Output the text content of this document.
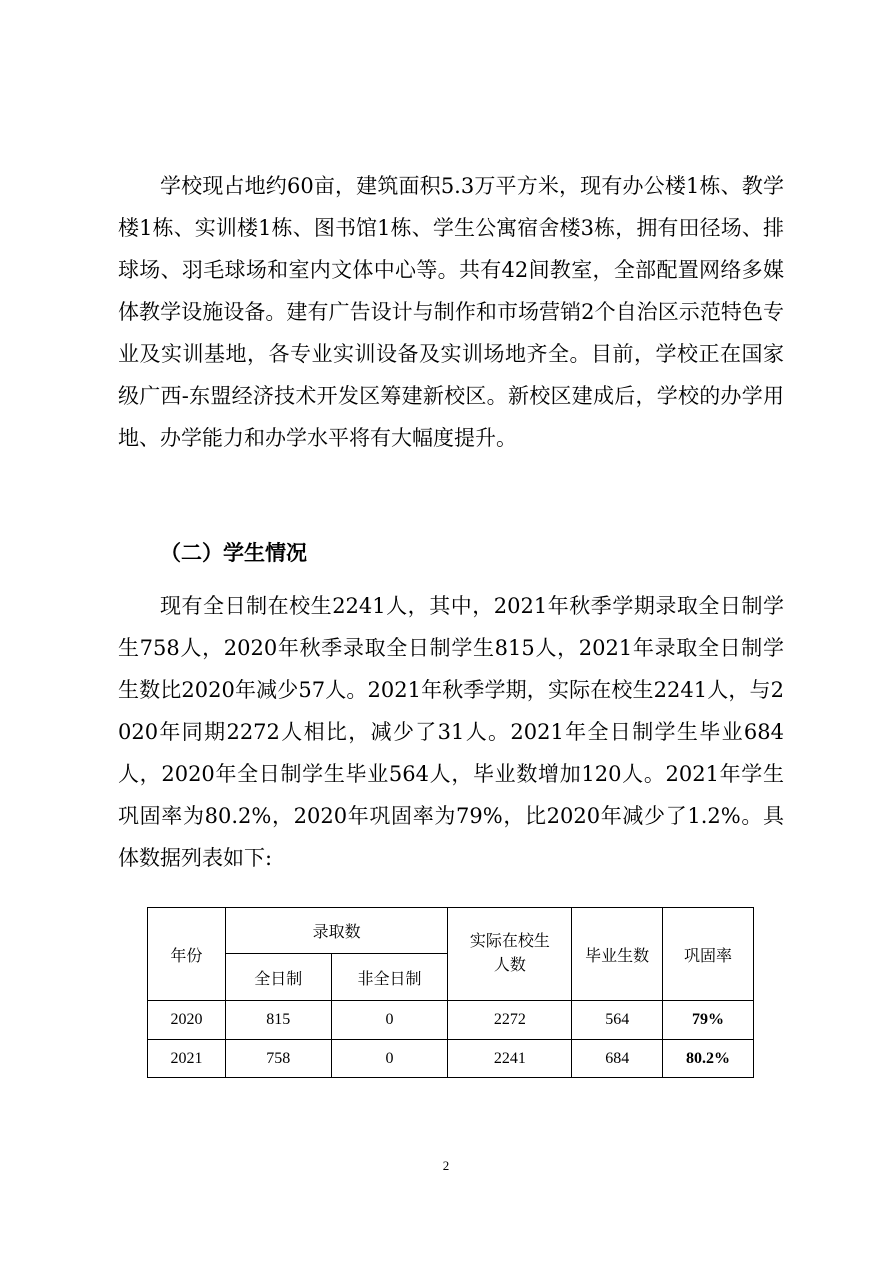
学校现占地约60亩，建筑面积5.3万平方米，现有办公楼1栋、教学楼1栋、实训楼1栋、图书馆1栋、学生公寓宿舍楼3栋，拥有田径场、排球场、羽毛球场和室内文体中心等。共有42间教室，全部配置网络多媒体教学设施设备。建有广告设计与制作和市场营销2个自治区示范特色专业及实训基地，各专业实训设备及实训场地齐全。目前，学校正在国家级广西-东盟经济技术开发区筹建新校区。新校区建成后，学校的办学用地、办学能力和办学水平将有大幅度提升。

（二）学生情况

现有全日制在校生2241人，其中，2021年秋季学期录取全日制学生758人，2020年秋季录取全日制学生815人，2021年录取全日制学生数比2020年减少57人。2021年秋季学期，实际在校生2241人，与2020年同期2272人相比，减少了31人。2021年全日制学生毕业684人，2020年全日制学生毕业564人，毕业数增加120人。2021年学生巩固率为80.2%，2020年巩固率为79%，比2020年减少了1.2%。具体数据列表如下:

年份	录取数		实际在校生人数	毕业生数	巩固率
	全日制	非全日制			
2020	815	0	2272	564	79%
2021	758	0	2241	684	80.2%
2
